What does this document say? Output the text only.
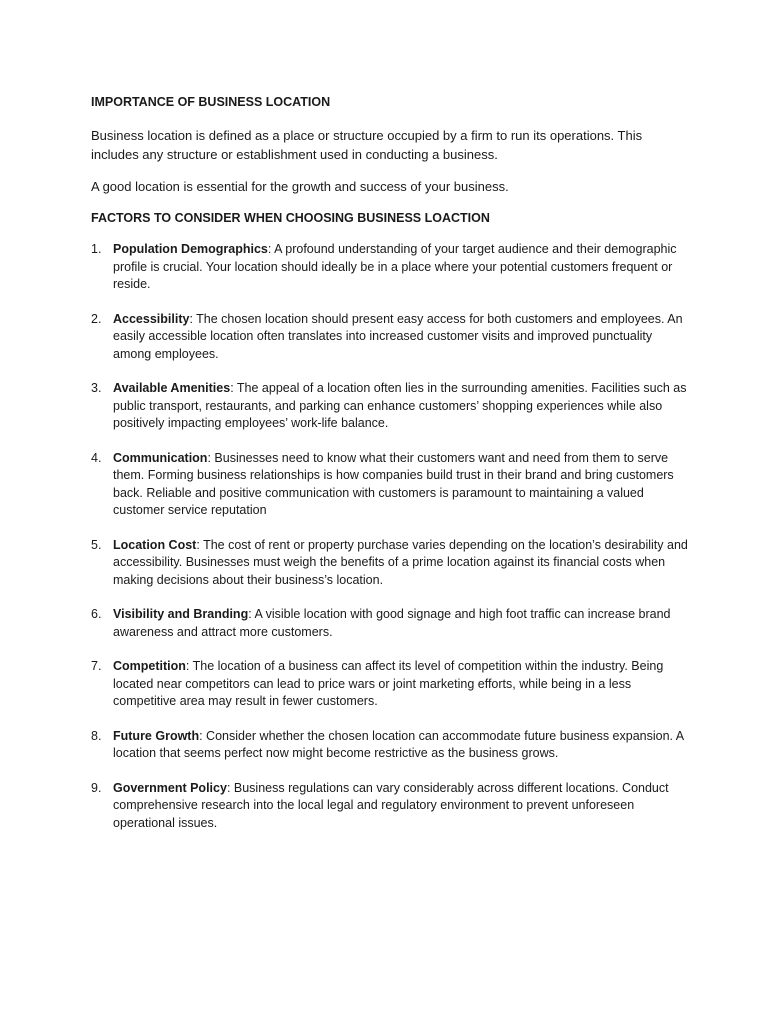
IMPORTANCE OF BUSINESS LOCATION
Business location is defined as a place or structure occupied by a firm to run its operations. This includes any structure or establishment used in conducting a business.
A good location is essential for the growth and success of your business.
FACTORS TO CONSIDER WHEN CHOOSING BUSINESS LOACTION
1. Population Demographics: A profound understanding of your target audience and their demographic profile is crucial. Your location should ideally be in a place where your potential customers frequent or reside.
2. Accessibility: The chosen location should present easy access for both customers and employees. An easily accessible location often translates into increased customer visits and improved punctuality among employees.
3. Available Amenities: The appeal of a location often lies in the surrounding amenities. Facilities such as public transport, restaurants, and parking can enhance customers’ shopping experiences while also positively impacting employees’ work-life balance.
4. Communication: Businesses need to know what their customers want and need from them to serve them. Forming business relationships is how companies build trust in their brand and bring customers back. Reliable and positive communication with customers is paramount to maintaining a valued customer service reputation
5. Location Cost: The cost of rent or property purchase varies depending on the location’s desirability and accessibility. Businesses must weigh the benefits of a prime location against its financial costs when making decisions about their business’s location.
6. Visibility and Branding: A visible location with good signage and high foot traffic can increase brand awareness and attract more customers.
7. Competition: The location of a business can affect its level of competition within the industry. Being located near competitors can lead to price wars or joint marketing efforts, while being in a less competitive area may result in fewer customers.
8. Future Growth: Consider whether the chosen location can accommodate future business expansion. A location that seems perfect now might become restrictive as the business grows.
9. Government Policy: Business regulations can vary considerably across different locations. Conduct comprehensive research into the local legal and regulatory environment to prevent unforeseen operational issues.
